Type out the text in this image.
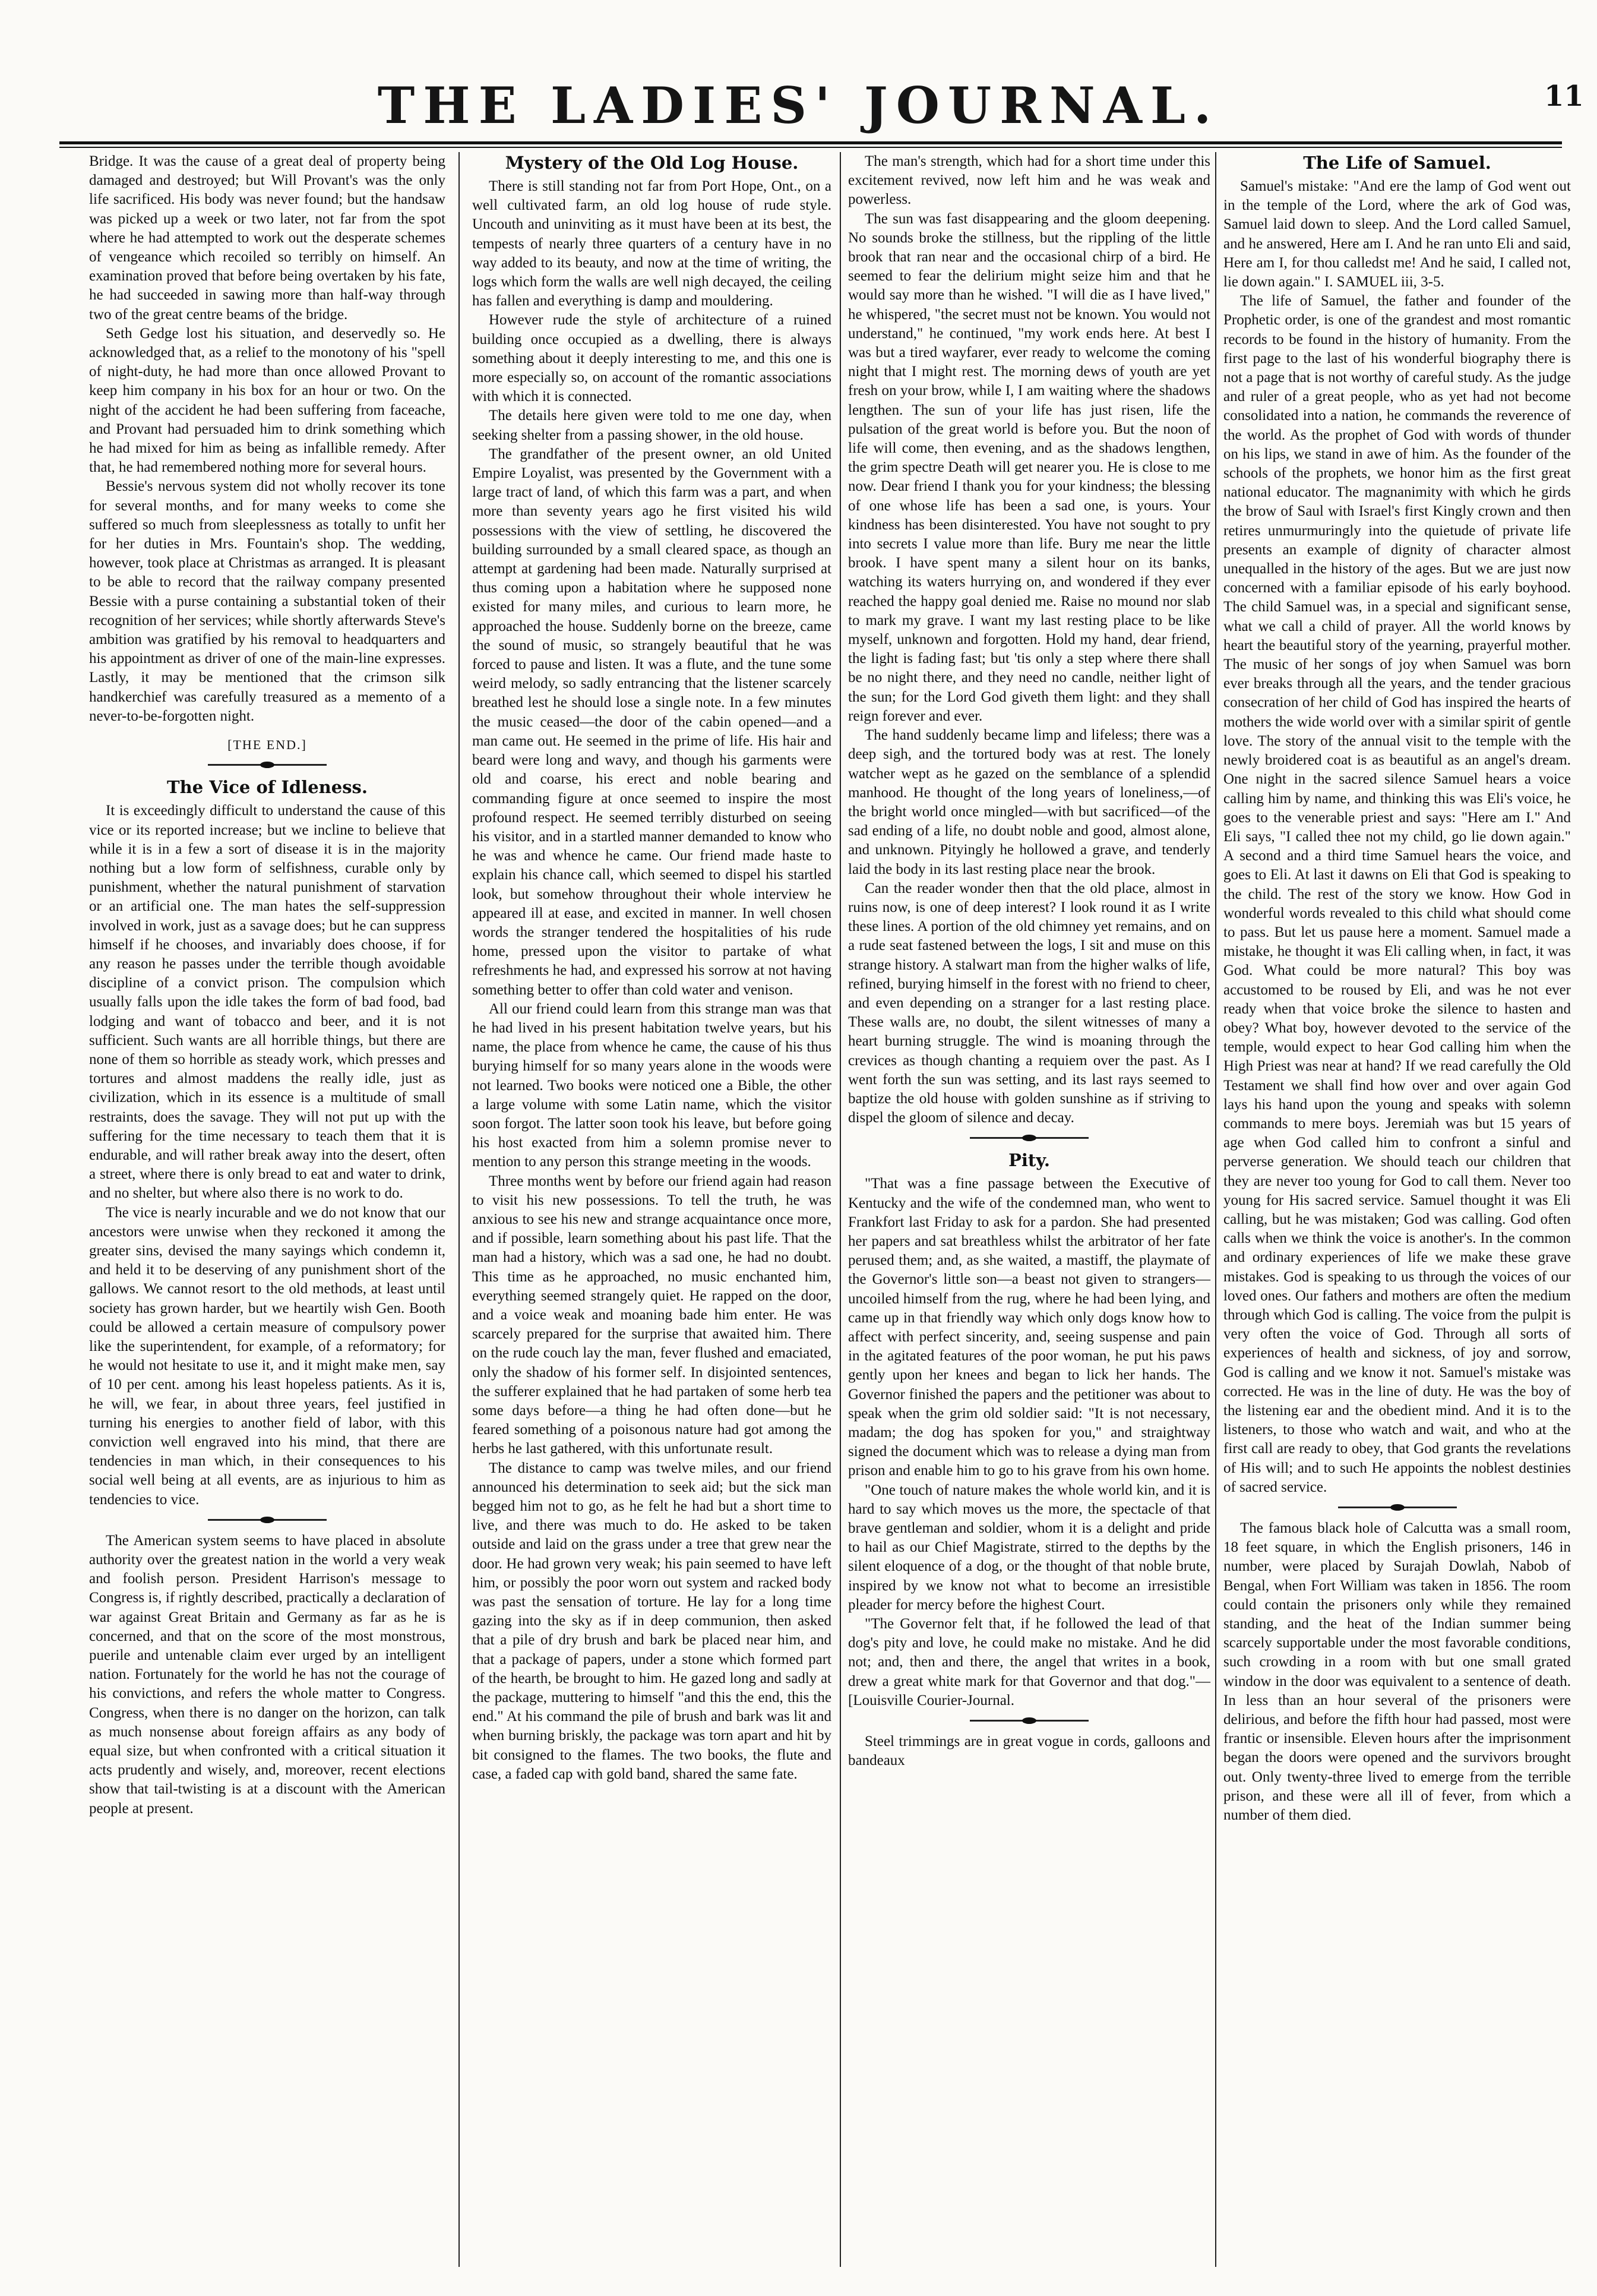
THE LADIES' JOURNAL.	11

Bridge. It was the cause of a great deal of property being damaged and destroyed; but Will Provant's was the only life sacrificed. His body was never found; but the handsaw was picked up a week or two later, not far from the spot where he had attempted to work out the desperate schemes of vengeance which recoiled so terribly on himself. An examination proved that before being overtaken by his fate, he had succeeded in sawing more than half-way through two of the great centre beams of the bridge.

Seth Gedge lost his situation, and deservedly so. He acknowledged that, as a relief to the monotony of his "spell of night-duty, he had more than once allowed Provant to keep him company in his box for an hour or two. On the night of the accident he had been suffering from faceache, and Provant had persuaded him to drink something which he had mixed for him as being as infallible remedy. After that, he had remembered nothing more for several hours.

Bessie's nervous system did not wholly recover its tone for several months, and for many weeks to come she suffered so much from sleeplessness as totally to unfit her for her duties in Mrs. Fountain's shop. The wedding, however, took place at Christmas as arranged. It is pleasant to be able to record that the railway company presented Bessie with a purse containing a substantial token of their recognition of her services; while shortly afterwards Steve's ambition was gratified by his removal to headquarters and his appointment as driver of one of the main-line expresses. Lastly, it may be mentioned that the crimson silk handkerchief was carefully treasured as a memento of a never-to-be-forgotten night.

[THE END.]
The Vice of Idleness.

It is exceedingly difficult to understand the cause of this vice or its reported increase; but we incline to believe that while it is in a few a sort of disease it is in the majority nothing but a low form of selfishness, curable only by punishment, whether the natural punishment of starvation or an artificial one. The man hates the self-suppression involved in work, just as a savage does; but he can suppress himself if he chooses, and invariably does choose, if for any reason he passes under the terrible though avoidable discipline of a convict prison. The compulsion which usually falls upon the idle takes the form of bad food, bad lodging and want of tobacco and beer, and it is not sufficient. Such wants are all horrible things, but there are none of them so horrible as steady work, which presses and tortures and almost maddens the really idle, just as civilization, which in its essence is a multitude of small restraints, does the savage. They will not put up with the suffering for the time necessary to teach them that it is endurable, and will rather break away into the desert, often a street, where there is only bread to eat and water to drink, and no shelter, but where also there is no work to do.

The vice is nearly incurable and we do not know that our ancestors were unwise when they reckoned it among the greater sins, devised the many sayings which condemn it, and held it to be deserving of any punishment short of the gallows. We cannot resort to the old methods, at least until society has grown harder, but we heartily wish Gen. Booth could be allowed a certain measure of compulsory power like the superintendent, for example, of a reformatory; for he would not hesitate to use it, and it might make men, say of 10 per cent. among his least hopeless patients. As it is, he will, we fear, in about three years, feel justified in turning his energies to another field of labor, with this conviction well engraved into his mind, that there are tendencies in man which, in their consequences to his social well being at all events, are as injurious to him as tendencies to vice.

The American system seems to have placed in absolute authority over the greatest nation in the world a very weak and foolish person. President Harrison's message to Congress is, if rightly described, practically a declaration of war against Great Britain and Germany as far as he is concerned, and that on the score of the most monstrous, puerile and untenable claim ever urged by an intelligent nation. Fortunately for the world he has not the courage of his convictions, and refers the whole matter to Congress. Congress, when there is no danger on the horizon, can talk as much nonsense about foreign affairs as any body of equal size, but when confronted with a critical situation it acts prudently and wisely, and, moreover, recent elections show that tail-twisting is at a discount with the American people at present.

Mystery of the Old Log House.

There is still standing not far from Port Hope, Ont., on a well cultivated farm, an old log house of rude style. Uncouth and uninviting as it must have been at its best, the tempests of nearly three quarters of a century have in no way added to its beauty, and now at the time of writing, the logs which form the walls are well nigh decayed, the ceiling has fallen and everything is damp and mouldering.

However rude the style of architecture of a ruined building once occupied as a dwelling, there is always something about it deeply interesting to me, and this one is more especially so, on account of the romantic associations with which it is connected.

The details here given were told to me one day, when seeking shelter from a passing shower, in the old house.

The grandfather of the present owner, an old United Empire Loyalist, was presented by the Government with a large tract of land, of which this farm was a part, and when more than seventy years ago he first visited his wild possessions with the view of settling, he discovered the building surrounded by a small cleared space, as though an attempt at gardening had been made. Naturally surprised at thus coming upon a habitation where he supposed none existed for many miles, and curious to learn more, he approached the house. Suddenly borne on the breeze, came the sound of music, so strangely beautiful that he was forced to pause and listen. It was a flute, and the tune some weird melody, so sadly entrancing that the listener scarcely breathed lest he should lose a single note. In a few minutes the music ceased—the door of the cabin opened—and a man came out. He seemed in the prime of life. His hair and beard were long and wavy, and though his garments were old and coarse, his erect and noble bearing and commanding figure at once seemed to inspire the most profound respect. He seemed terribly disturbed on seeing his visitor, and in a startled manner demanded to know who he was and whence he came. Our friend made haste to explain his chance call, which seemed to dispel his startled look, but somehow throughout their whole interview he appeared ill at ease, and excited in manner. In well chosen words the stranger tendered the hospitalities of his rude home, pressed upon the visitor to partake of what refreshments he had, and expressed his sorrow at not having something better to offer than cold water and venison.

All our friend could learn from this strange man was that he had lived in his present habitation twelve years, but his name, the place from whence he came, the cause of his thus burying himself for so many years alone in the woods were not learned. Two books were noticed one a Bible, the other a large volume with some Latin name, which the visitor soon forgot. The latter soon took his leave, but before going his host exacted from him a solemn promise never to mention to any person this strange meeting in the woods.

Three months went by before our friend again had reason to visit his new possessions. To tell the truth, he was anxious to see his new and strange acquaintance once more, and if possible, learn something about his past life. That the man had a history, which was a sad one, he had no doubt. This time as he approached, no music enchanted him, everything seemed strangely quiet. He rapped on the door, and a voice weak and moaning bade him enter. He was scarcely prepared for the surprise that awaited him. There on the rude couch lay the man, fever flushed and emaciated, only the shadow of his former self. In disjointed sentences, the sufferer explained that he had partaken of some herb tea some days before—a thing he had often done—but he feared something of a poisonous nature had got among the herbs he last gathered, with this unfortunate result.

The distance to camp was twelve miles, and our friend announced his determination to seek aid; but the sick man begged him not to go, as he felt he had but a short time to live, and there was much to do. He asked to be taken outside and laid on the grass under a tree that grew near the door. He had grown very weak; his pain seemed to have left him, or possibly the poor worn out system and racked body was past the sensation of torture. He lay for a long time gazing into the sky as if in deep communion, then asked that a pile of dry brush and bark be placed near him, and that a package of papers, under a stone which formed part of the hearth, be brought to him. He gazed long and sadly at the package, muttering to himself "and this the end, this the end." At his command the pile of brush and bark was lit and when burning briskly, the package was torn apart and hit by bit consigned to the flames. The two books, the flute and case, a faded cap with gold band, shared the same fate.

The man's strength, which had for a short time under this excitement revived, now left him and he was weak and powerless.

The sun was fast disappearing and the gloom deepening. No sounds broke the stillness, but the rippling of the little brook that ran near and the occasional chirp of a bird. He seemed to fear the delirium might seize him and that he would say more than he wished. "I will die as I have lived," he whispered, "the secret must not be known. You would not understand," he continued, "my work ends here. At best I was but a tired wayfarer, ever ready to welcome the coming night that I might rest. The morning dews of youth are yet fresh on your brow, while I, I am waiting where the shadows lengthen. The sun of your life has just risen, life the pulsation of the great world is before you. But the noon of life will come, then evening, and as the shadows lengthen, the grim spectre Death will get nearer you. He is close to me now. Dear friend I thank you for your kindness; the blessing of one whose life has been a sad one, is yours. Your kindness has been disinterested. You have not sought to pry into secrets I value more than life. Bury me near the little brook. I have spent many a silent hour on its banks, watching its waters hurrying on, and wondered if they ever reached the happy goal denied me. Raise no mound nor slab to mark my grave. I want my last resting place to be like myself, unknown and forgotten. Hold my hand, dear friend, the light is fading fast; but 'tis only a step where there shall be no night there, and they need no candle, neither light of the sun; for the Lord God giveth them light: and they shall reign forever and ever.

The hand suddenly became limp and lifeless; there was a deep sigh, and the tortured body was at rest. The lonely watcher wept as he gazed on the semblance of a splendid manhood. He thought of the long years of loneliness,—of the bright world once mingled—with but sacrificed—of the sad ending of a life, no doubt noble and good, almost alone, and unknown. Pityingly he hollowed a grave, and tenderly laid the body in its last resting place near the brook.

Can the reader wonder then that the old place, almost in ruins now, is one of deep interest? I look round it as I write these lines. A portion of the old chimney yet remains, and on a rude seat fastened between the logs, I sit and muse on this strange history. A stalwart man from the higher walks of life, refined, burying himself in the forest with no friend to cheer, and even depending on a stranger for a last resting place. These walls are, no doubt, the silent witnesses of many a heart burning struggle. The wind is moaning through the crevices as though chanting a requiem over the past. As I went forth the sun was setting, and its last rays seemed to baptize the old house with golden sunshine as if striving to dispel the gloom of silence and decay.

Pity.

"That was a fine passage between the Executive of Kentucky and the wife of the condemned man, who went to Frankfort last Friday to ask for a pardon. She had presented her papers and sat breathless whilst the arbitrator of her fate perused them; and, as she waited, a mastiff, the playmate of the Governor's little son—a beast not given to strangers—uncoiled himself from the rug, where he had been lying, and came up in that friendly way which only dogs know how to affect with perfect sincerity, and, seeing suspense and pain in the agitated features of the poor woman, he put his paws gently upon her knees and began to lick her hands. The Governor finished the papers and the petitioner was about to speak when the grim old soldier said: "It is not necessary, madam; the dog has spoken for you," and straightway signed the document which was to release a dying man from prison and enable him to go to his grave from his own home.

"One touch of nature makes the whole world kin, and it is hard to say which moves us the more, the spectacle of that brave gentleman and soldier, whom it is a delight and pride to hail as our Chief Magistrate, stirred to the depths by the silent eloquence of a dog, or the thought of that noble brute, inspired by we know not what to become an irresistible pleader for mercy before the highest Court.

"The Governor felt that, if he followed the lead of that dog's pity and love, he could make no mistake. And he did not; and, then and there, the angel that writes in a book, drew a great white mark for that Governor and that dog."—[Louisville Courier-Journal.

Steel trimmings are in great vogue in cords, galloons and bandeaux

The Life of Samuel.

Samuel's mistake: "And ere the lamp of God went out in the temple of the Lord, where the ark of God was, Samuel laid down to sleep. And the Lord called Samuel, and he answered, Here am I. And he ran unto Eli and said, Here am I, for thou calledst me! And he said, I called not, lie down again." I. SAMUEL iii, 3-5.

The life of Samuel, the father and founder of the Prophetic order, is one of the grandest and most romantic records to be found in the history of humanity. From the first page to the last of his wonderful biography there is not a page that is not worthy of careful study. As the judge and ruler of a great people, who as yet had not become consolidated into a nation, he commands the reverence of the world. As the prophet of God with words of thunder on his lips, we stand in awe of him. As the founder of the schools of the prophets, we honor him as the first great national educator. The magnanimity with which he girds the brow of Saul with Israel's first Kingly crown and then retires unmurmuringly into the quietude of private life presents an example of dignity of character almost unequalled in the history of the ages. But we are just now concerned with a familiar episode of his early boyhood. The child Samuel was, in a special and significant sense, what we call a child of prayer. All the world knows by heart the beautiful story of the yearning, prayerful mother. The music of her songs of joy when Samuel was born ever breaks through all the years, and the tender gracious consecration of her child of God has inspired the hearts of mothers the wide world over with a similar spirit of gentle love. The story of the annual visit to the temple with the newly broidered coat is as beautiful as an angel's dream. One night in the sacred silence Samuel hears a voice calling him by name, and thinking this was Eli's voice, he goes to the venerable priest and says: "Here am I." And Eli says, "I called thee not my child, go lie down again." A second and a third time Samuel hears the voice, and goes to Eli. At last it dawns on Eli that God is speaking to the child. The rest of the story we know. How God in wonderful words revealed to this child what should come to pass. But let us pause here a moment. Samuel made a mistake, he thought it was Eli calling when, in fact, it was God. What could be more natural? This boy was accustomed to be roused by Eli, and was he not ever ready when that voice broke the silence to hasten and obey? What boy, however devoted to the service of the temple, would expect to hear God calling him when the High Priest was near at hand? If we read carefully the Old Testament we shall find how over and over again God lays his hand upon the young and speaks with solemn commands to mere boys. Jeremiah was but 15 years of age when God called him to confront a sinful and perverse generation. We should teach our children that they are never too young for God to call them. Never too young for His sacred service. Samuel thought it was Eli calling, but he was mistaken; God was calling. God often calls when we think the voice is another's. In the common and ordinary experiences of life we make these grave mistakes. God is speaking to us through the voices of our loved ones. Our fathers and mothers are often the medium through which God is calling. The voice from the pulpit is very often the voice of God. Through all sorts of experiences of health and sickness, of joy and sorrow, God is calling and we know it not. Samuel's mistake was corrected. He was in the line of duty. He was the boy of the listening ear and the obedient mind. And it is to the listeners, to those who watch and wait, and who at the first call are ready to obey, that God grants the revelations of His will; and to such He appoints the noblest destinies of sacred service.

The famous black hole of Calcutta was a small room, 18 feet square, in which the English prisoners, 146 in number, were placed by Surajah Dowlah, Nabob of Bengal, when Fort William was taken in 1856. The room could contain the prisoners only while they remained standing, and the heat of the Indian summer being scarcely supportable under the most favorable conditions, such crowding in a room with but one small grated window in the door was equivalent to a sentence of death. In less than an hour several of the prisoners were delirious, and before the fifth hour had passed, most were frantic or insensible. Eleven hours after the imprisonment began the doors were opened and the survivors brought out. Only twenty-three lived to emerge from the terrible prison, and these were all ill of fever, from which a number of them died.
